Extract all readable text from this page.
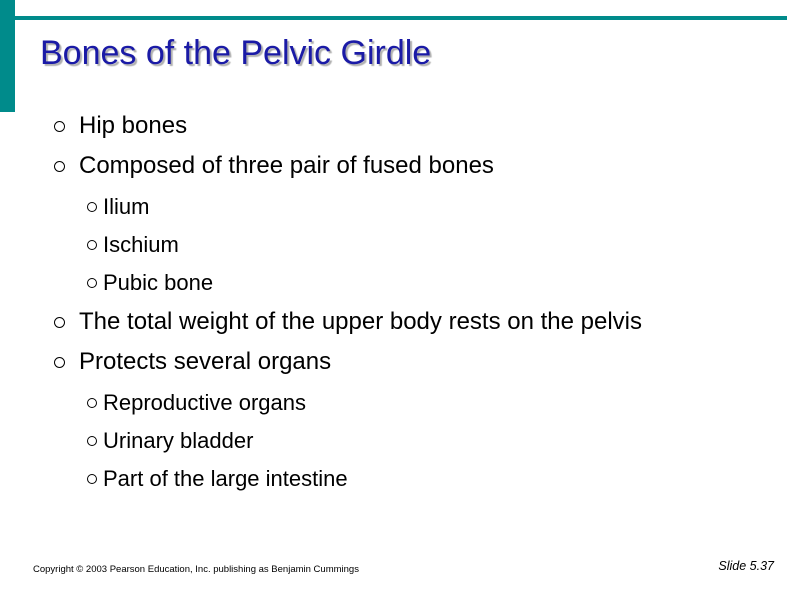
Bones of the Pelvic Girdle
Hip bones
Composed of three pair of fused bones
Ilium
Ischium
Pubic bone
The total weight of the upper body rests on the pelvis
Protects several organs
Reproductive organs
Urinary bladder
Part of the large intestine
Copyright © 2003 Pearson Education, Inc. publishing as Benjamin Cummings	Slide 5.37
